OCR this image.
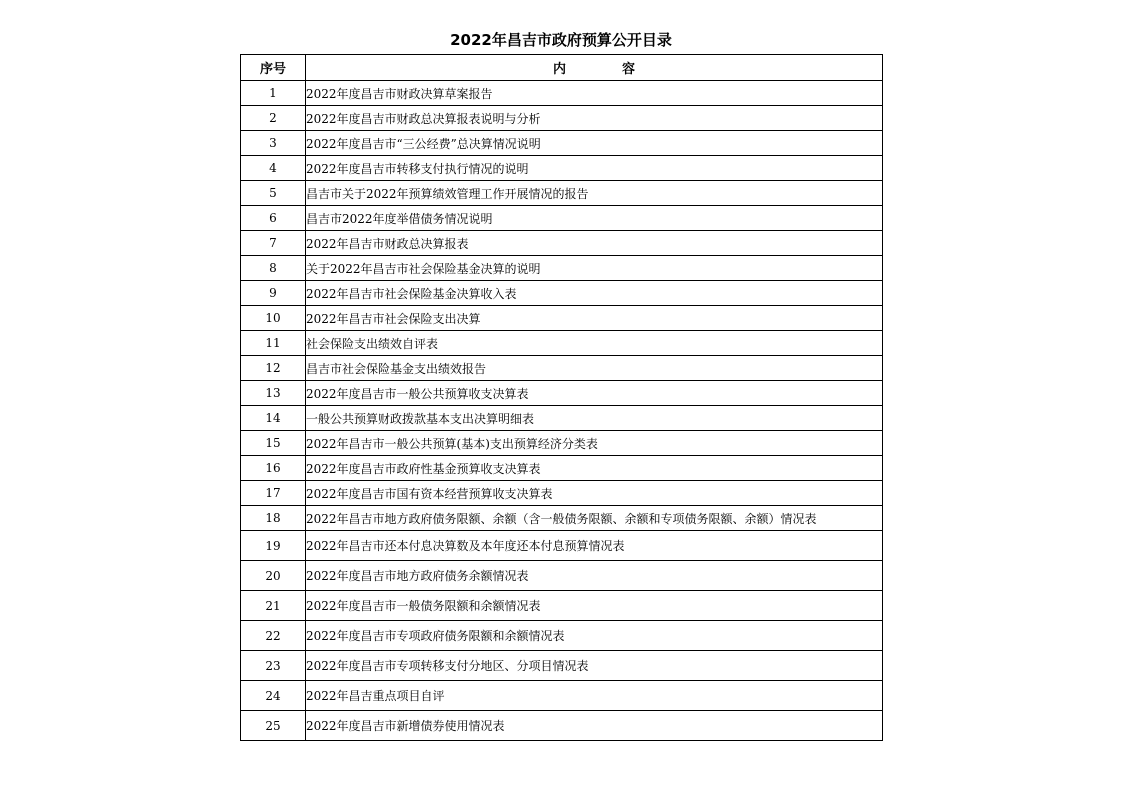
2022年昌吉市政府预算公开目录
序号	内 容
1	2022年度昌吉市财政决算草案报告
2	2022年度昌吉市财政总决算报表说明与分析
3	2022年度昌吉市“三公经费”总决算情况说明
4	2022年度昌吉市转移支付执行情况的说明
5	昌吉市关于2022年预算绩效管理工作开展情况的报告
6	昌吉市2022年度举借债务情况说明
7	2022年昌吉市财政总决算报表
8	关于2022年昌吉市社会保险基金决算的说明
9	2022年昌吉市社会保险基金决算收入表
10	2022年昌吉市社会保险支出决算
11	社会保险支出绩效自评表
12	昌吉市社会保险基金支出绩效报告
13	2022年度昌吉市一般公共预算收支决算表
14	一般公共预算财政拨款基本支出决算明细表
15	2022年昌吉市一般公共预算(基本)支出预算经济分类表
16	2022年度昌吉市政府性基金预算收支决算表
17	2022年度昌吉市国有资本经营预算收支决算表
18	2022年昌吉市地方政府债务限额、余额（含一般债务限额、余额和专项债务限额、余额）情况表
19	2022年昌吉市还本付息决算数及本年度还本付息预算情况表
20	2022年度昌吉市地方政府债务余额情况表
21	2022年度昌吉市一般债务限额和余额情况表
22	2022年度昌吉市专项政府债务限额和余额情况表
23	2022年度昌吉市专项转移支付分地区、分项目情况表
24	2022年昌吉重点项目自评
25	2022年度昌吉市新增债券使用情况表
